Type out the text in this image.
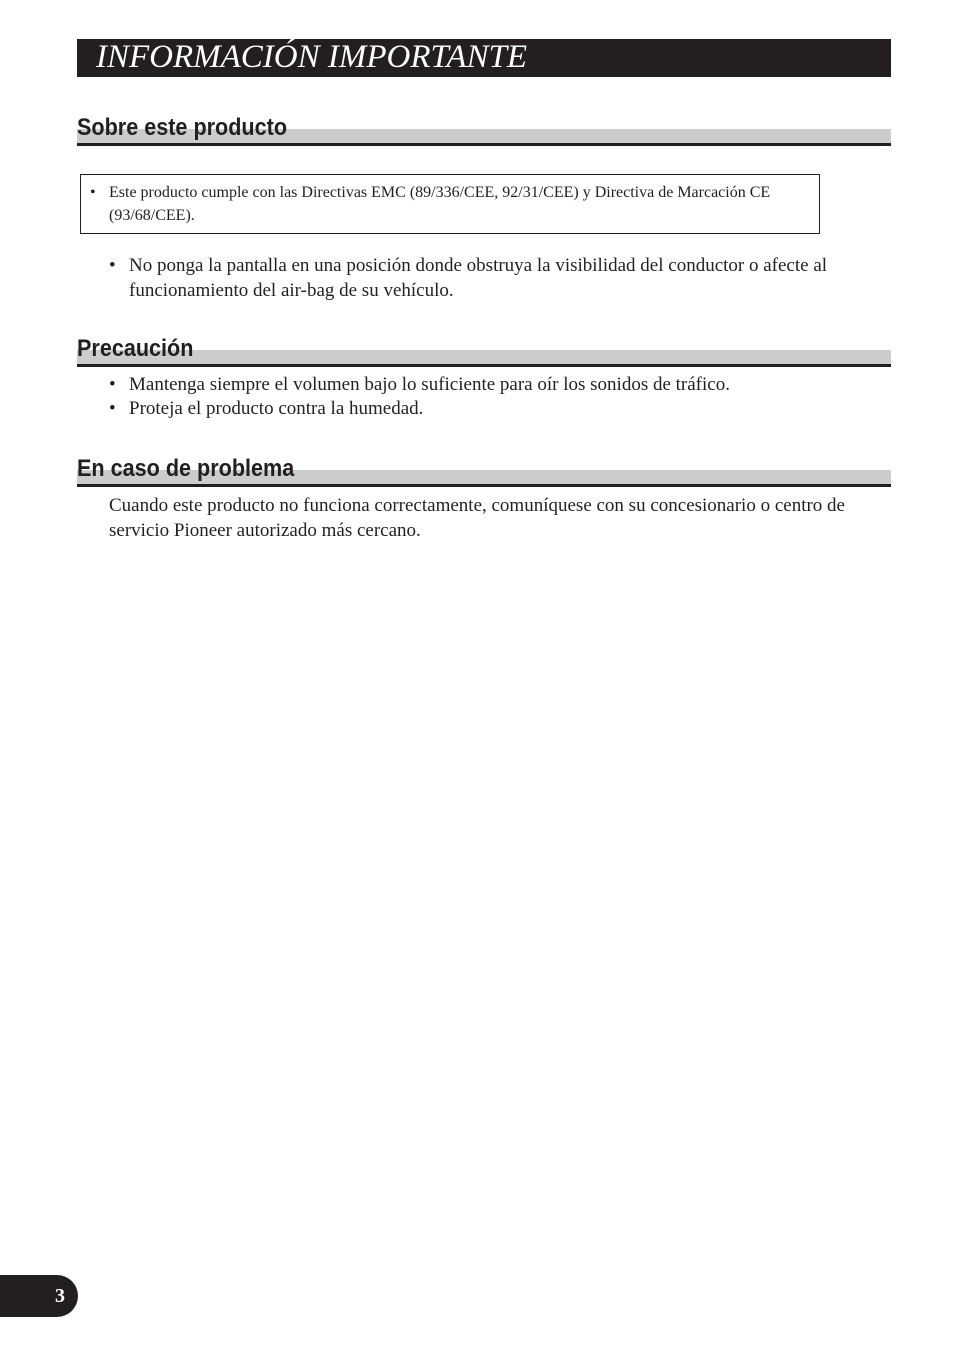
INFORMACIÓN IMPORTANTE
Sobre este producto
• Este producto cumple con las Directivas EMC (89/336/CEE, 92/31/CEE) y Directiva de Marcación CE (93/68/CEE).
• No ponga la pantalla en una posición donde obstruya la visibilidad del conductor o afecte al funcionamiento del air-bag de su vehículo.
Precaución
• Mantenga siempre el volumen bajo lo suficiente para oír los sonidos de tráfico.
• Proteja el producto contra la humedad.
En caso de problema
Cuando este producto no funciona correctamente, comuníquese con su concesionario o centro de servicio Pioneer autorizado más cercano.
3
